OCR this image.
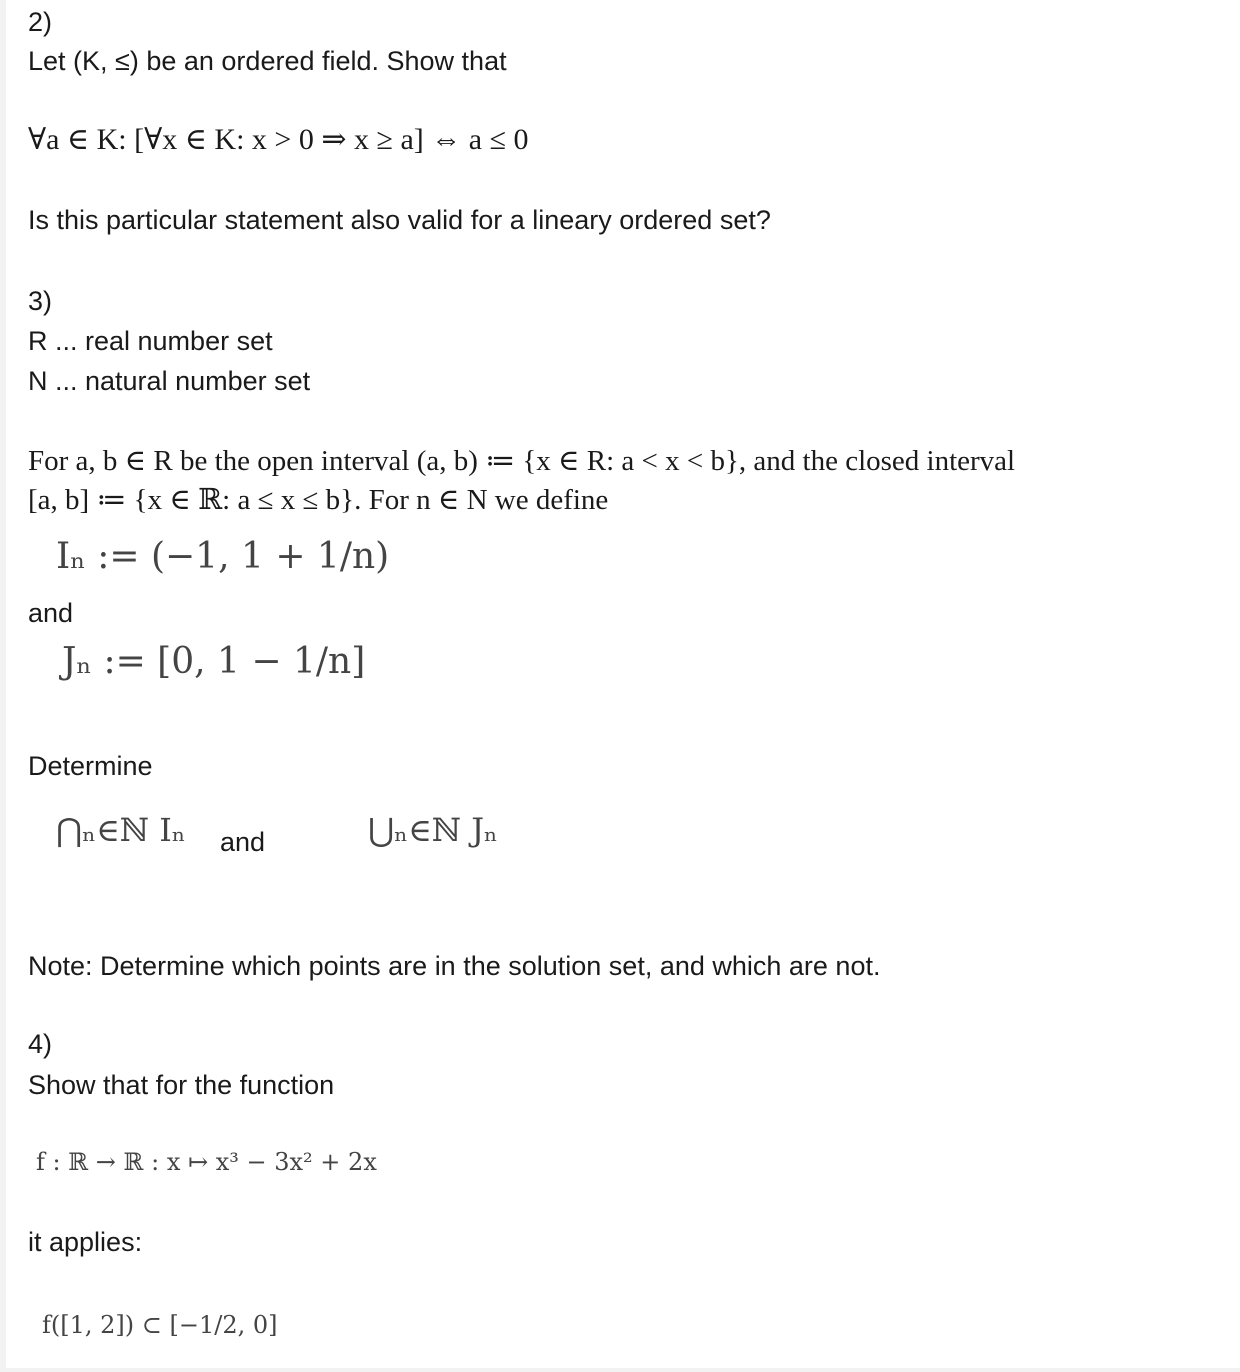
2)

Let (K, ≤) be an ordered field. Show that

∀a ∈ K: [∀x ∈ K: x > 0 ⇒ x ≥ a] ⇔ a ≤ 0

Is this particular statement also valid for a lineary ordered set?

3)

R ... real number set

N ... natural number set

For a, b ∈ R be the open interval (a, b) ≔ {x ∈ R: a < x < b}, and the closed interval

[a, b] ≔ {x ∈ ℝ: a ≤ x ≤ b}. For n ∈ N we define

Iₙ := (−1, 1 + 1/n)

and

Jₙ := [0, 1 − 1/n]

Determine

⋂ₙ∈ℕ Iₙ and	⋃ₙ∈ℕ Jₙ

Note: Determine which points are in the solution set, and which are not.

4)

Show that for the function

f : ℝ → ℝ : x ↦ x³ − 3x² + 2x

it applies:

f([1, 2]) ⊂ [−1/2, 0]
